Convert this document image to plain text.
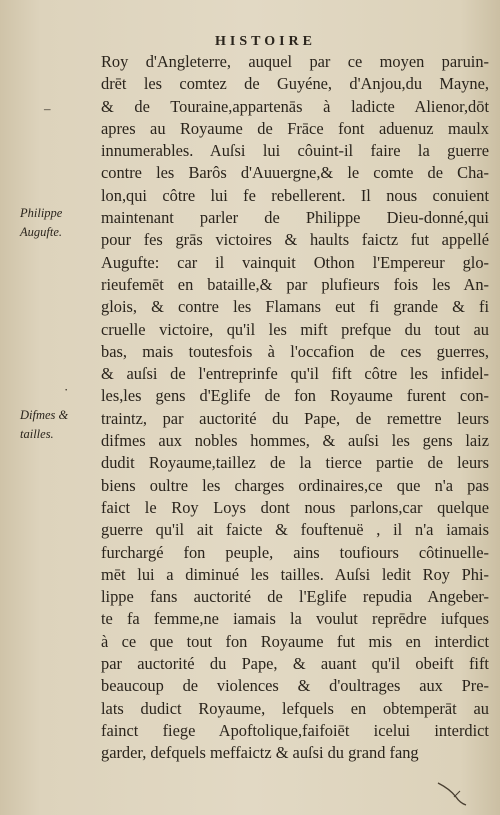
HISTOIRE
–
·
Philippe
Augufte.
Difmes &
tailles.
Roy d'Angleterre, auquel par ce moyen paruin-
drēt les comtez de Guyéne, d'Anjou,du Mayne,
& de Touraine,appartenās à ladicte Alienor,dōt
apres au Royaume de Frāce font aduenuz maulx
innumerables. Auſsi lui côuint-il faire la guerre
contre les Barôs d'Auuergne,& le comte de Cha-
lon,qui côtre lui fe rebellerent. Il nous conuient
maintenant parler de Philippe Dieu-donné,qui
pour fes grās victoires & haults faictz fut appellé
Augufte: car il vainquit Othon l'Empereur glo-
rieufemēt en bataille,& par plufieurs fois les An-
glois, & contre les Flamans eut fi grande & fi
cruelle victoire, qu'il les mift prefque du tout au
bas, mais toutesfois à l'occafion de ces guerres,
& auſsi de l'entreprinfe qu'il fift côtre les infidel-
les,les gens d'Eglife de fon Royaume furent con-
traintz, par auctorité du Pape, de remettre leurs
difmes aux nobles hommes, & auſsi les gens laiz
dudit Royaume,taillez de la tierce partie de leurs
biens oultre les charges ordinaires,ce que n'a pas
faict le Roy Loys dont nous parlons,car quelque
guerre qu'il ait faicte & fouftenuë , il n'a iamais
furchargé fon peuple, ains toufiours côtinuelle-
mēt lui a diminué les tailles. Auſsi ledit Roy Phi-
lippe fans auctorité de l'Eglife repudia Angeber-
te fa femme,ne iamais la voulut reprēdre iufques
à ce que tout fon Royaume fut mis en interdict
par auctorité du Pape, & auant qu'il obeift fift
beaucoup de violences & d'oultrages aux Pre-
lats dudict Royaume, lefquels en obtemperāt au
fainct fiege Apoftolique,faifoiēt icelui interdict
garder, defquels meffaictz & auſsi du grand fang
